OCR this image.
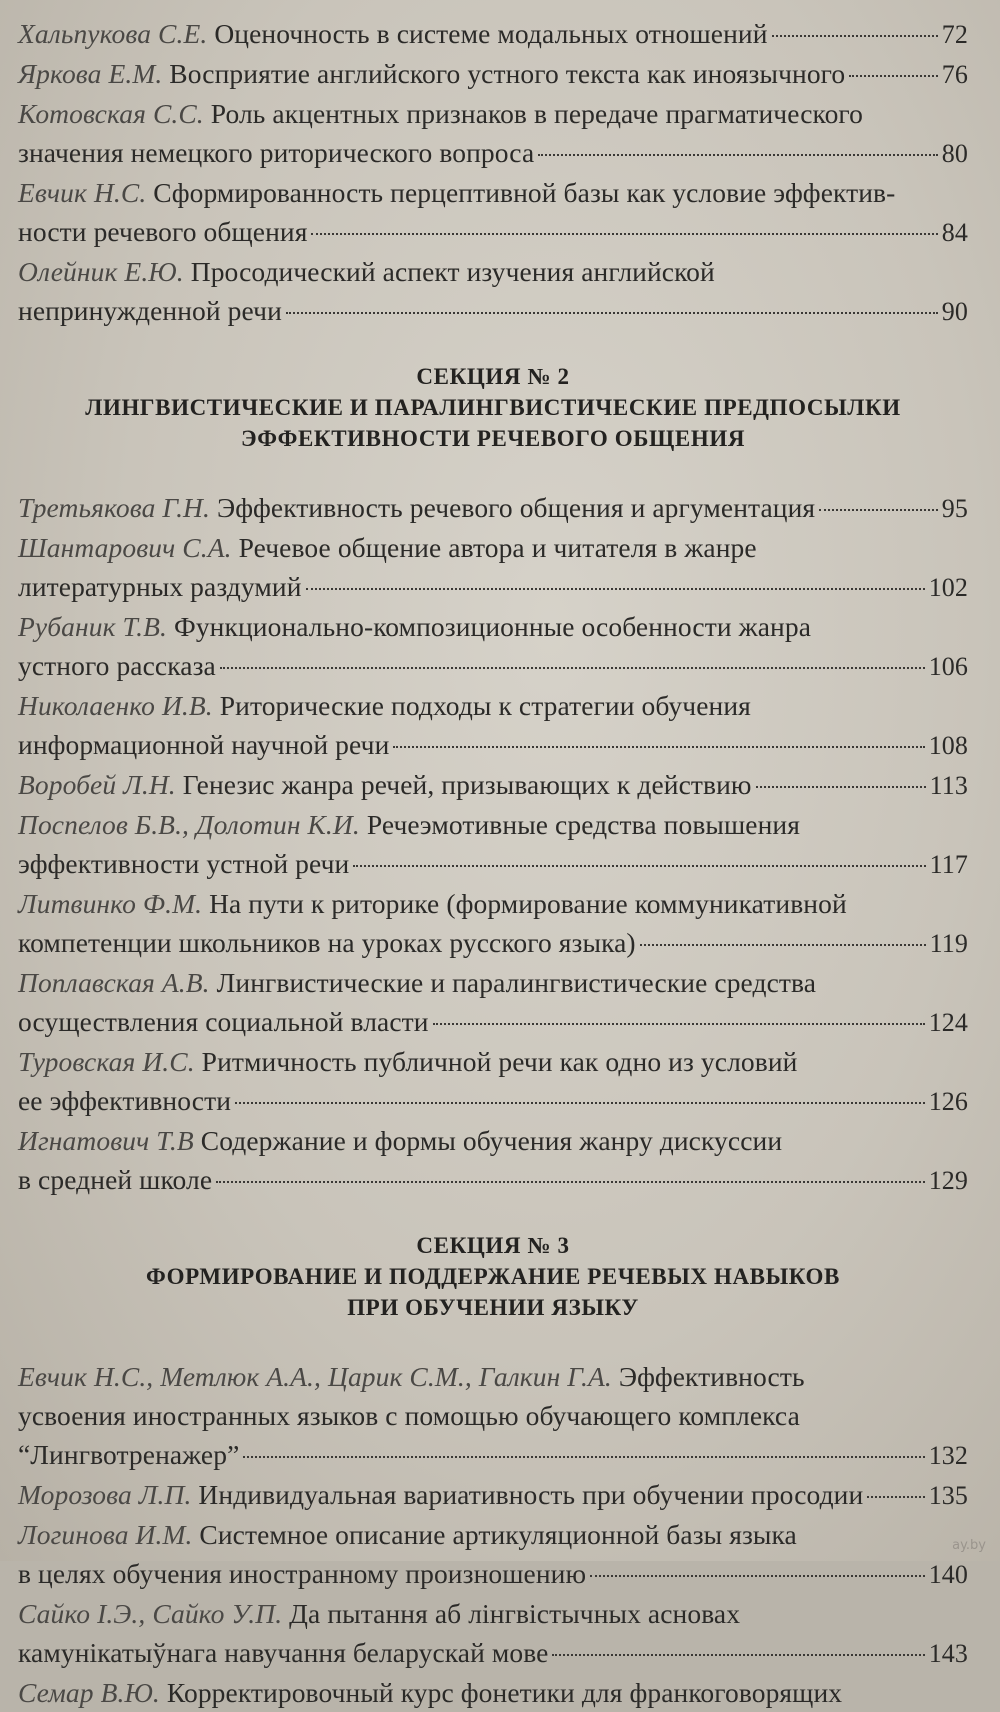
Хальпукова С.Е. Оценочность в системе модальных отношений	72
Яркова Е.М. Восприятие английского устного текста как иноязычного	76
Котовская С.С. Роль акцентных признаков в передаче прагматического
значения немецкого риторического вопроса	80
Евчик Н.С. Сформированность перцептивной базы как условие эффектив-
ности речевого общения	84
Олейник Е.Ю. Просодический аспект изучения английской
непринужденной речи	90
СЕКЦИЯ № 2
ЛИНГВИСТИЧЕСКИЕ И ПАРАЛИНГВИСТИЧЕСКИЕ ПРЕДПОСЫЛКИ
ЭФФЕКТИВНОСТИ РЕЧЕВОГО ОБЩЕНИЯ
Третьякова Г.Н. Эффективность речевого общения и аргументация	95
Шантарович С.А. Речевое общение автора и читателя в жанре
литературных раздумий	102
Рубаник Т.В. Функционально-композиционные особенности жанра
устного рассказа	106
Николаенко И.В. Риторические подходы к стратегии обучения
информационной научной речи	108
Воробей Л.Н. Генезис жанра речей, призывающих к действию	113
Поспелов Б.В., Долотин К.И. Речеэмотивные средства повышения
эффективности устной речи	117
Литвинко Ф.М. На пути к риторике (формирование коммуникативной
компетенции школьников на уроках русского языка)	119
Поплавская А.В. Лингвистические и паралингвистические средства
осуществления социальной власти	124
Туровская И.С. Ритмичность публичной речи как одно из условий
ее эффективности	126
Игнатович Т.В Содержание и формы обучения жанру дискуссии
в средней школе	129
СЕКЦИЯ № 3
ФОРМИРОВАНИЕ И ПОДДЕРЖАНИЕ РЕЧЕВЫХ НАВЫКОВ
ПРИ ОБУЧЕНИИ ЯЗЫКУ
Евчик Н.С., Метлюк А.А., Царик С.М., Галкин Г.А. Эффективность
усвоения иностранных языков с помощью обучающего комплекса
“Лингвотренажер”	132
Морозова Л.П. Индивидуальная вариативность при обучении просодии	135
Логинова И.М. Системное описание артикуляционной базы языка
в целях обучения иностранному произношению	140
Сайко І.Э., Сайко У.П. Да пытання аб лінгвістычных асновах
камунікатыўнага навучання беларускай мове	143
Семар В.Ю. Корректировочный курс фонетики для франкоговорящих
ay.by
